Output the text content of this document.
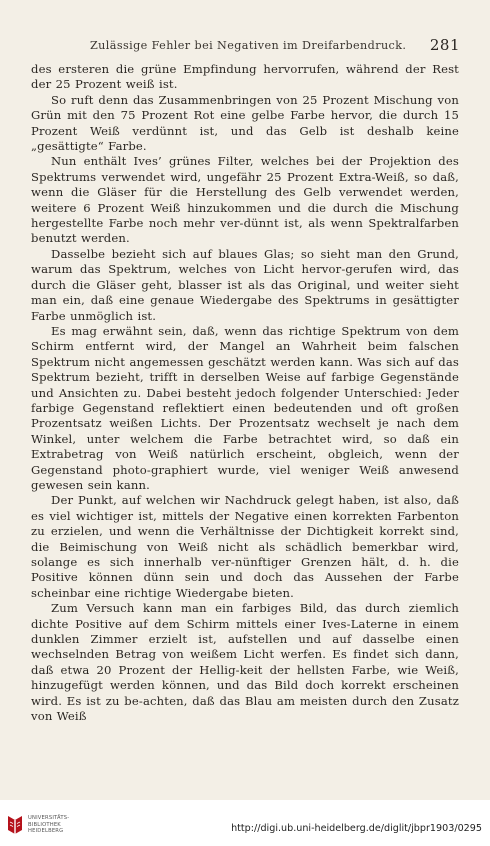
Zulässige Fehler bei Negativen im Dreifarbendruck. 281

des ersteren die grüne Empfindung hervorrufen, während der Rest der 25 Prozent weiß ist.

So ruft denn das Zusammenbringen von 25 Prozent Mischung von Grün mit den 75 Prozent Rot eine gelbe Farbe hervor, die durch 15 Prozent Weiß verdünnt ist, und das Gelb ist deshalb keine „gesättigte“ Farbe.

Nun enthält Ives’ grünes Filter, welches bei der Projektion des Spektrums verwendet wird, ungefähr 25 Prozent Extra-Weiß, so daß, wenn die Gläser für die Herstellung des Gelb verwendet werden, weitere 6 Prozent Weiß hinzukommen und die durch die Mischung hergestellte Farbe noch mehr ver-dünnt ist, als wenn Spektralfarben benutzt werden.

Dasselbe bezieht sich auf blaues Glas; so sieht man den Grund, warum das Spektrum, welches von Licht hervor-gerufen wird, das durch die Gläser geht, blasser ist als das Original, und weiter sieht man ein, daß eine genaue Wiedergabe des Spektrums in gesättigter Farbe unmöglich ist.

Es mag erwähnt sein, daß, wenn das richtige Spektrum von dem Schirm entfernt wird, der Mangel an Wahrheit beim falschen Spektrum nicht angemessen geschätzt werden kann. Was sich auf das Spektrum bezieht, trifft in derselben Weise auf farbige Gegenstände und Ansichten zu. Dabei besteht jedoch folgender Unterschied: Jeder farbige Gegenstand reflektiert einen bedeutenden und oft großen Prozentsatz weißen Lichts. Der Prozentsatz wechselt je nach dem Winkel, unter welchem die Farbe betrachtet wird, so daß ein Extrabetrag von Weiß natürlich erscheint, obgleich, wenn der Gegenstand photo-graphiert wurde, viel weniger Weiß anwesend gewesen sein kann.

Der Punkt, auf welchen wir Nachdruck gelegt haben, ist also, daß es viel wichtiger ist, mittels der Negative einen korrekten Farbenton zu erzielen, und wenn die Verhältnisse der Dichtigkeit korrekt sind, die Beimischung von Weiß nicht als schädlich bemerkbar wird, solange es sich innerhalb ver-nünftiger Grenzen hält, d. h. die Positive können dünn sein und doch das Aussehen der Farbe scheinbar eine richtige Wiedergabe bieten.

Zum Versuch kann man ein farbiges Bild, das durch ziemlich dichte Positive auf dem Schirm mittels einer Ives-Laterne in einem dunklen Zimmer erzielt ist, aufstellen und auf dasselbe einen wechselnden Betrag von weißem Licht werfen. Es findet sich dann, daß etwa 20 Prozent der Hellig-keit der hellsten Farbe, wie Weiß, hinzugefügt werden können, und das Bild doch korrekt erscheinen wird. Es ist zu be-achten, daß das Blau am meisten durch den Zusatz von Weiß

UNIVERSITÄTS-
BIBLIOTHEK
HEIDELBERG	http://digi.ub.uni-heidelberg.de/diglit/jbpr1903/0295
